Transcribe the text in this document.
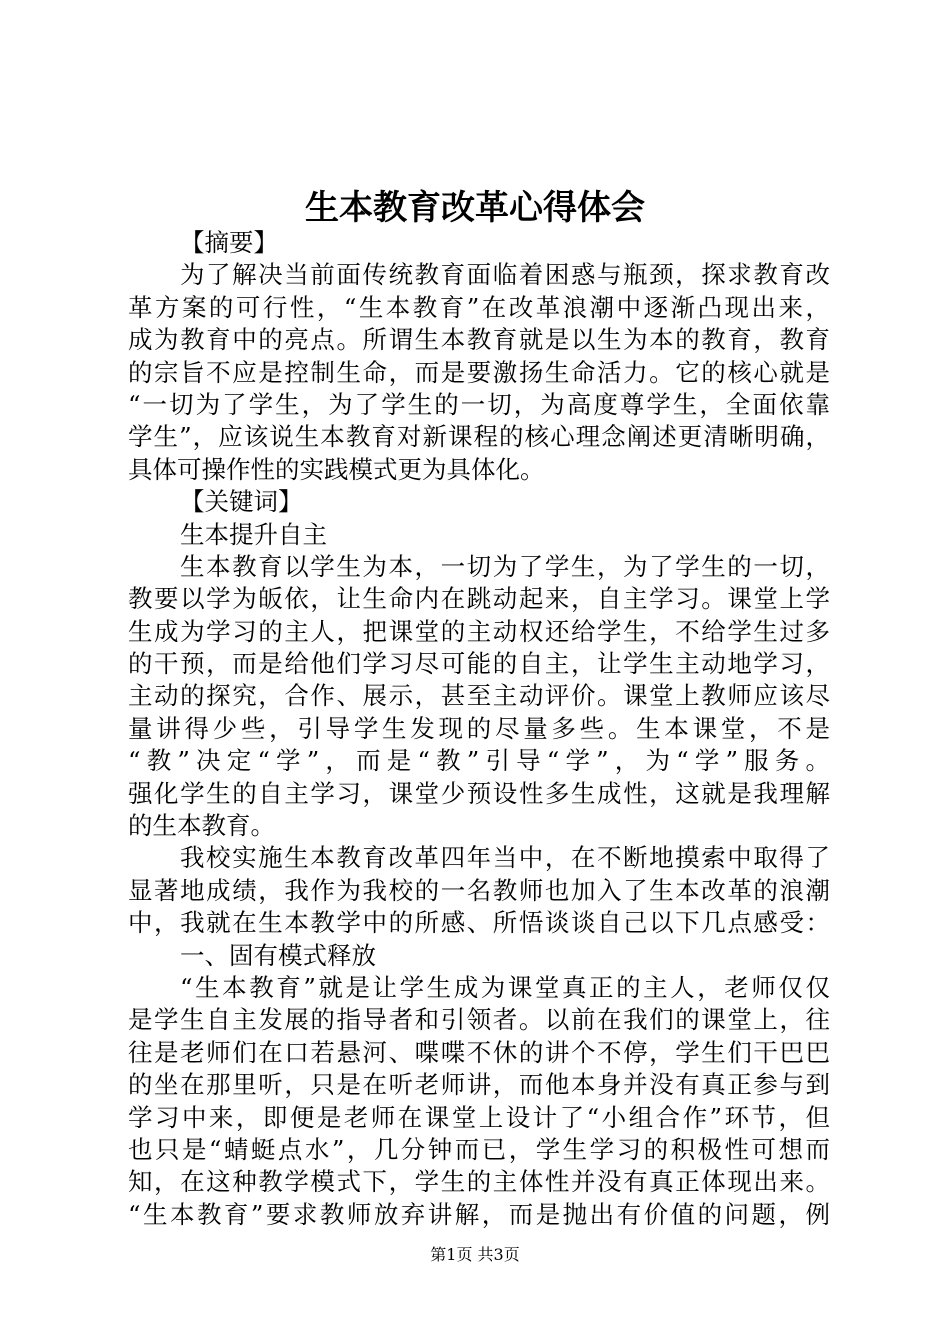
生本教育改革心得体会
【摘要】
为了解决当前面传统教育面临着困惑与瓶颈，探求教育改
革方案的可行性，“生本教育”在改革浪潮中逐渐凸现出来，
成为教育中的亮点。所谓生本教育就是以生为本的教育，教育
的宗旨不应是控制生命，而是要激扬生命活力。它的核心就是
“一切为了学生，为了学生的一切，为高度尊学生，全面依靠
学生”，应该说生本教育对新课程的核心理念阐述更清晰明确，
具体可操作性的实践模式更为具体化。
【关键词】
生本提升自主
生本教育以学生为本，一切为了学生，为了学生的一切，
教要以学为皈依，让生命内在跳动起来，自主学习。课堂上学
生成为学习的主人，把课堂的主动权还给学生，不给学生过多
的干预，而是给他们学习尽可能的自主，让学生主动地学习，
主动的探究，合作、展示，甚至主动评价。课堂上教师应该尽
量讲得少些，引导学生发现的尽量多些。生本课堂，不是
“教”决定“学”，而是“教”引导“学”，为“学”服务。
强化学生的自主学习，课堂少预设性多生成性，这就是我理解
的生本教育。
我校实施生本教育改革四年当中，在不断地摸索中取得了
显著地成绩，我作为我校的一名教师也加入了生本改革的浪潮
中，我就在生本教学中的所感、所悟谈谈自己以下几点感受：
一、固有模式释放
“生本教育”就是让学生成为课堂真正的主人，老师仅仅
是学生自主发展的指导者和引领者。以前在我们的课堂上，往
往是老师们在口若悬河、喋喋不休的讲个不停，学生们干巴巴
的坐在那里听，只是在听老师讲，而他本身并没有真正参与到
学习中来，即便是老师在课堂上设计了“小组合作”环节，但
也只是“蜻蜓点水”，几分钟而已，学生学习的积极性可想而
知，在这种教学模式下，学生的主体性并没有真正体现出来。
“生本教育”要求教师放弃讲解，而是抛出有价值的问题，例
第1页 共3页
